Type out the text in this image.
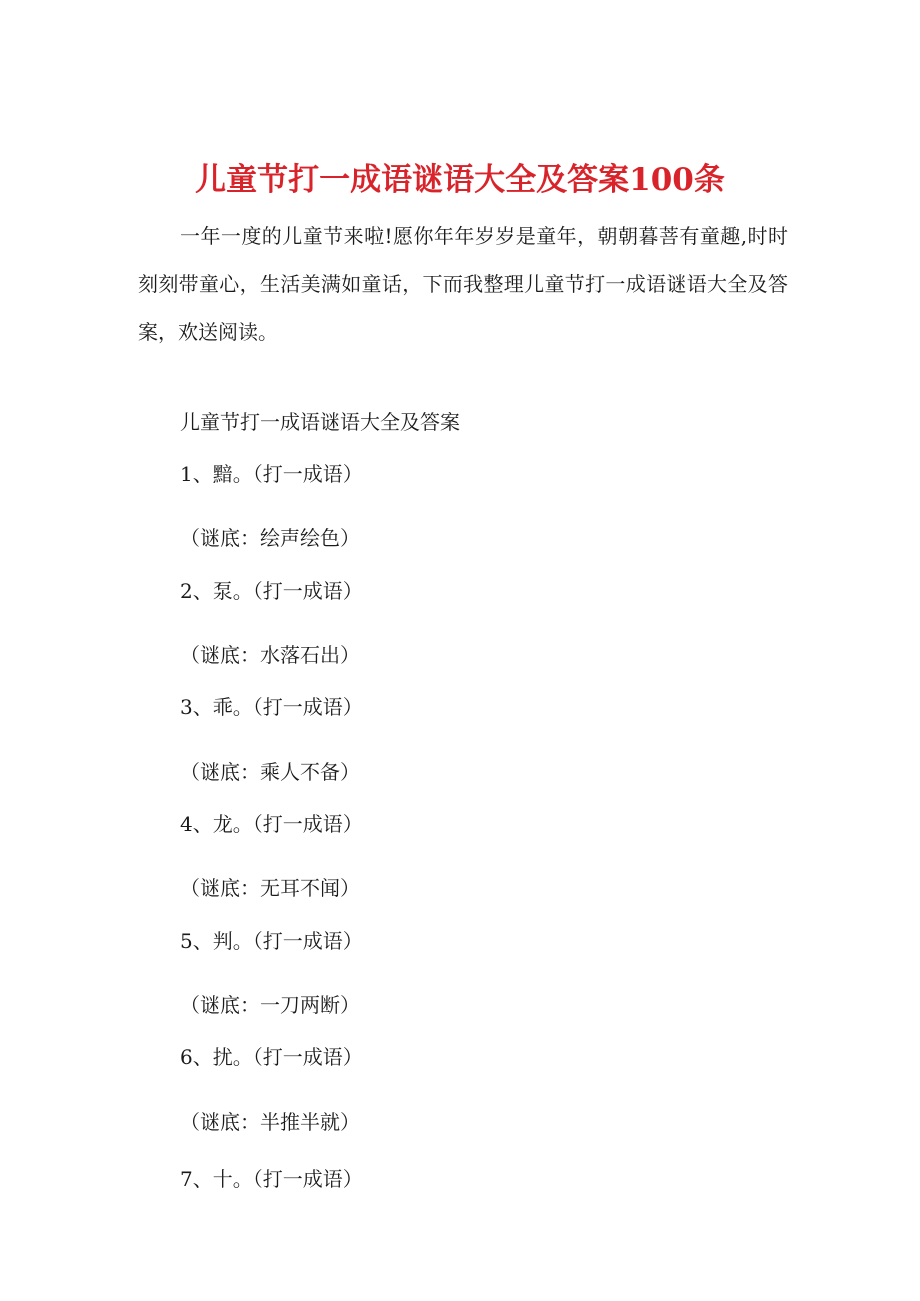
儿童节打一成语谜语大全及答案100条

一年一度的儿童节来啦!愿你年年岁岁是童年，朝朝暮菩有童趣,时时刻刻带童心，生活美满如童话，下而我整理儿童节打一成语谜语大全及答案，欢送阅读。

儿童节打一成语谜语大全及答案

1、黯。（打一成语）

（谜底：绘声绘色）

2、泵。（打一成语）

（谜底：水落石出）

3、乖。（打一成语）

（谜底：乘人不备）

4、龙。（打一成语）

（谜底：无耳不闻）

5、判。（打一成语）

（谜底：一刀两断）

6、扰。（打一成语）

（谜底：半推半就）

7、十。（打一成语）
